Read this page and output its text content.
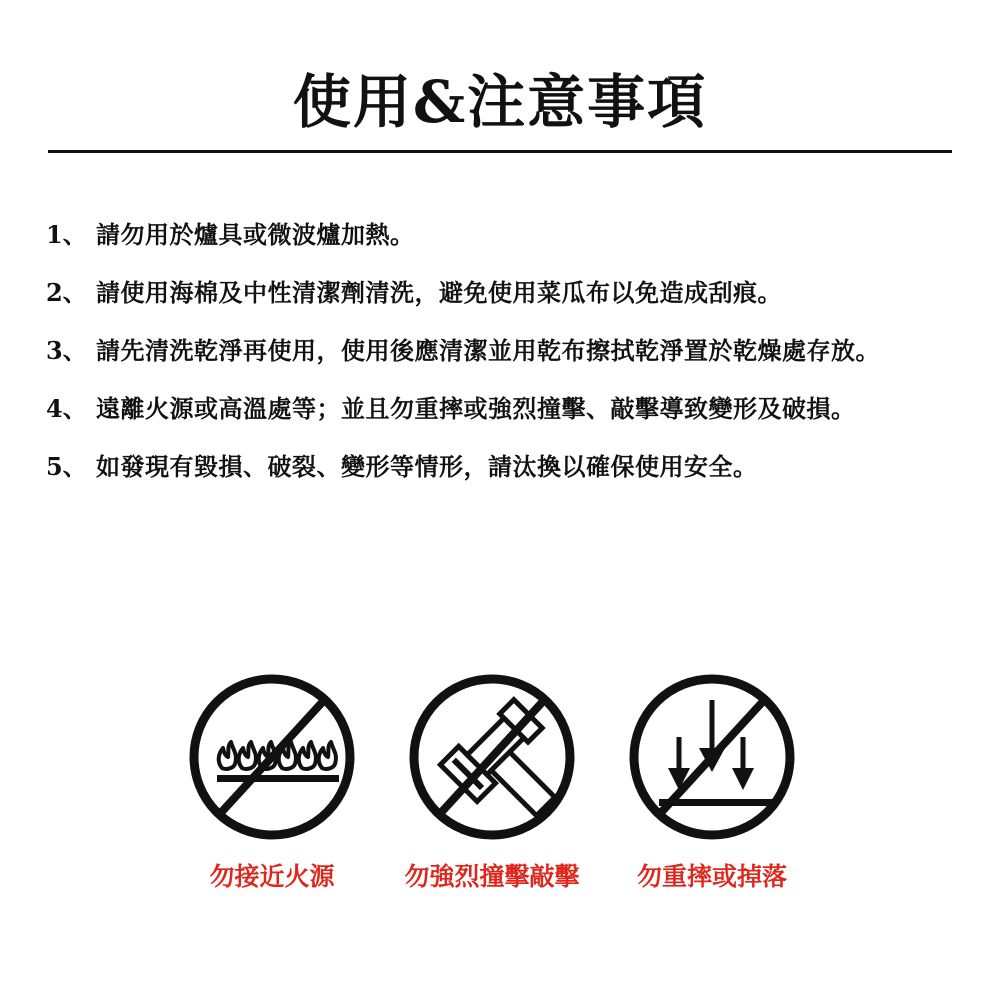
使用&注意事項
1、 請勿用於爐具或微波爐加熱。
2、 請使用海棉及中性清潔劑清洗，避免使用菜瓜布以免造成刮痕。
3、 請先清洗乾淨再使用，使用後應清潔並用乾布擦拭乾淨置於乾燥處存放。
4、 遠離火源或高溫處等；並且勿重摔或強烈撞擊、敲擊導致變形及破損。
5、 如發現有毀損、破裂、變形等情形，請汰換以確保使用安全。
勿接近火源	勿強烈撞擊敲擊	勿重摔或掉落
